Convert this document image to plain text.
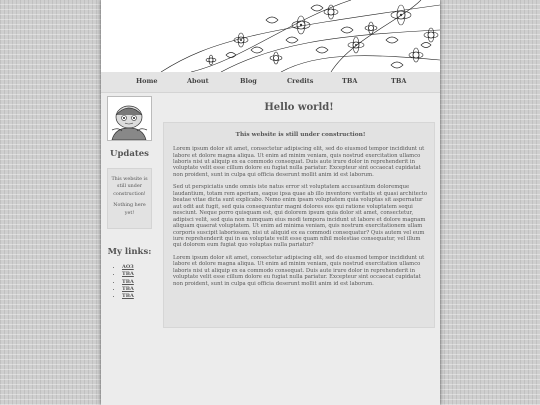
Home	About	Blog	Credits	TBA	TBA
Updates

This website is still under construction!

Nothing here yet!

My links:
• AO3
• TBA
• TBA
• TBA
• TBA
Hello world!
This website is still under construction!

Lorem ipsum dolor sit amet, consectetur adipiscing elit, sed do eiusmod tempor incididunt ut labore et dolore magna aliqua. Ut enim ad minim veniam, quis nostrud exercitation ullamco laboris nisi ut aliquip ex ea commodo consequat. Duis aute irure dolor in reprehenderit in voluptate velit esse cillum dolore eu fugiat nulla pariatur. Excepteur sint occaecat cupidatat non proident, sunt in culpa qui officia deserunt mollit anim id est laborum.

Sed ut perspiciatis unde omnis iste natus error sit voluptatem accusantium doloremque laudantium, totam rem aperiam, eaque ipsa quae ab illo inventore veritatis et quasi architecto beatae vitae dicta sunt explicabo. Nemo enim ipsam voluptatem quia voluptas sit aspernatur aut odit aut fugit, sed quia consequuntur magni dolores eos qui ratione voluptatem sequi nesciunt. Neque porro quisquam est, qui dolorem ipsum quia dolor sit amet, consectetur, adipisci velit, sed quia non numquam eius modi tempora incidunt ut labore et dolore magnam aliquam quaerat voluptatem. Ut enim ad minima veniam, quis nostrum exercitationem ullam corporis suscipit laboriosam, nisi ut aliquid ex ea commodi consequatur? Quis autem vel eum iure reprehenderit qui in ea voluptate velit esse quam nihil molestiae consequatur, vel illum qui dolorem eum fugiat quo voluptas nulla pariatur?

Lorem ipsum dolor sit amet, consectetur adipiscing elit, sed do eiusmod tempor incididunt ut labore et dolore magna aliqua. Ut enim ad minim veniam, quis nostrud exercitation ullamco laboris nisi ut aliquip ex ea commodo consequat. Duis aute irure dolor in reprehenderit in voluptate velit esse cillum dolore eu fugiat nulla pariatur. Excepteur sint occaecat cupidatat non proident, sunt in culpa qui officia deserunt mollit anim id est laborum.
